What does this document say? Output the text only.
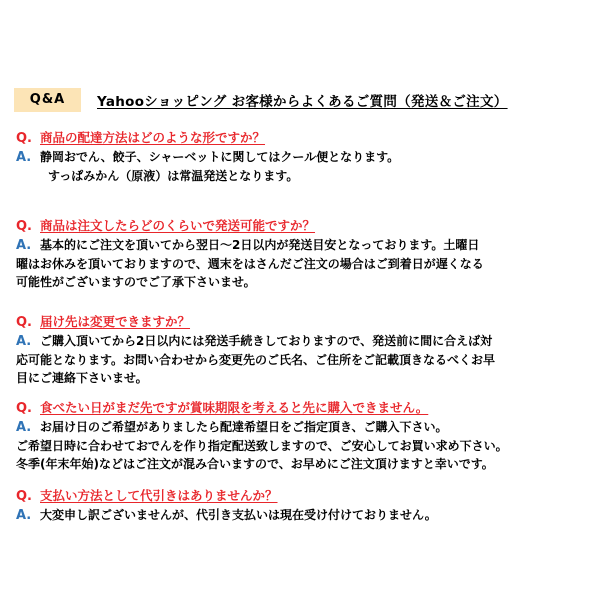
Q&A	Yahooショッピング お客様からよくあるご質問（発送＆ご注文）
Q. 商品の配達方法はどのような形ですか？
A. 静岡おでん、餃子、シャーベットに関してはクール便となります。
すっぱみかん（原液）は常温発送となります。
Q. 商品は注文したらどのくらいで発送可能ですか？
A. 基本的にご注文を頂いてから翌日～2日以内が発送目安となっております。土曜日
曜はお休みを頂いておりますので、週末をはさんだご注文の場合はご到着日が遅くなる
可能性がございますのでご了承下さいませ。
Q. 届け先は変更できますか？
A. ご購入頂いてから2日以内には発送手続きしておりますので、発送前に間に合えば対
応可能となります。お問い合わせから変更先のご氏名、ご住所をご記載頂きなるべくお早
目にご連絡下さいませ。
Q. 食べたい日がまだ先ですが賞味期限を考えると先に購入できません。
A. お届け日のご希望がありましたら配達希望日をご指定頂き、ご購入下さい。
ご希望日時に合わせておでんを作り指定配送致しますので、ご安心してお買い求め下さい。
冬季(年末年始)などはご注文が混み合いますので、お早めにご注文頂けますと幸いです。
Q. 支払い方法として代引きはありませんか？
A. 大変申し訳ございませんが、代引き支払いは現在受け付けておりません。
